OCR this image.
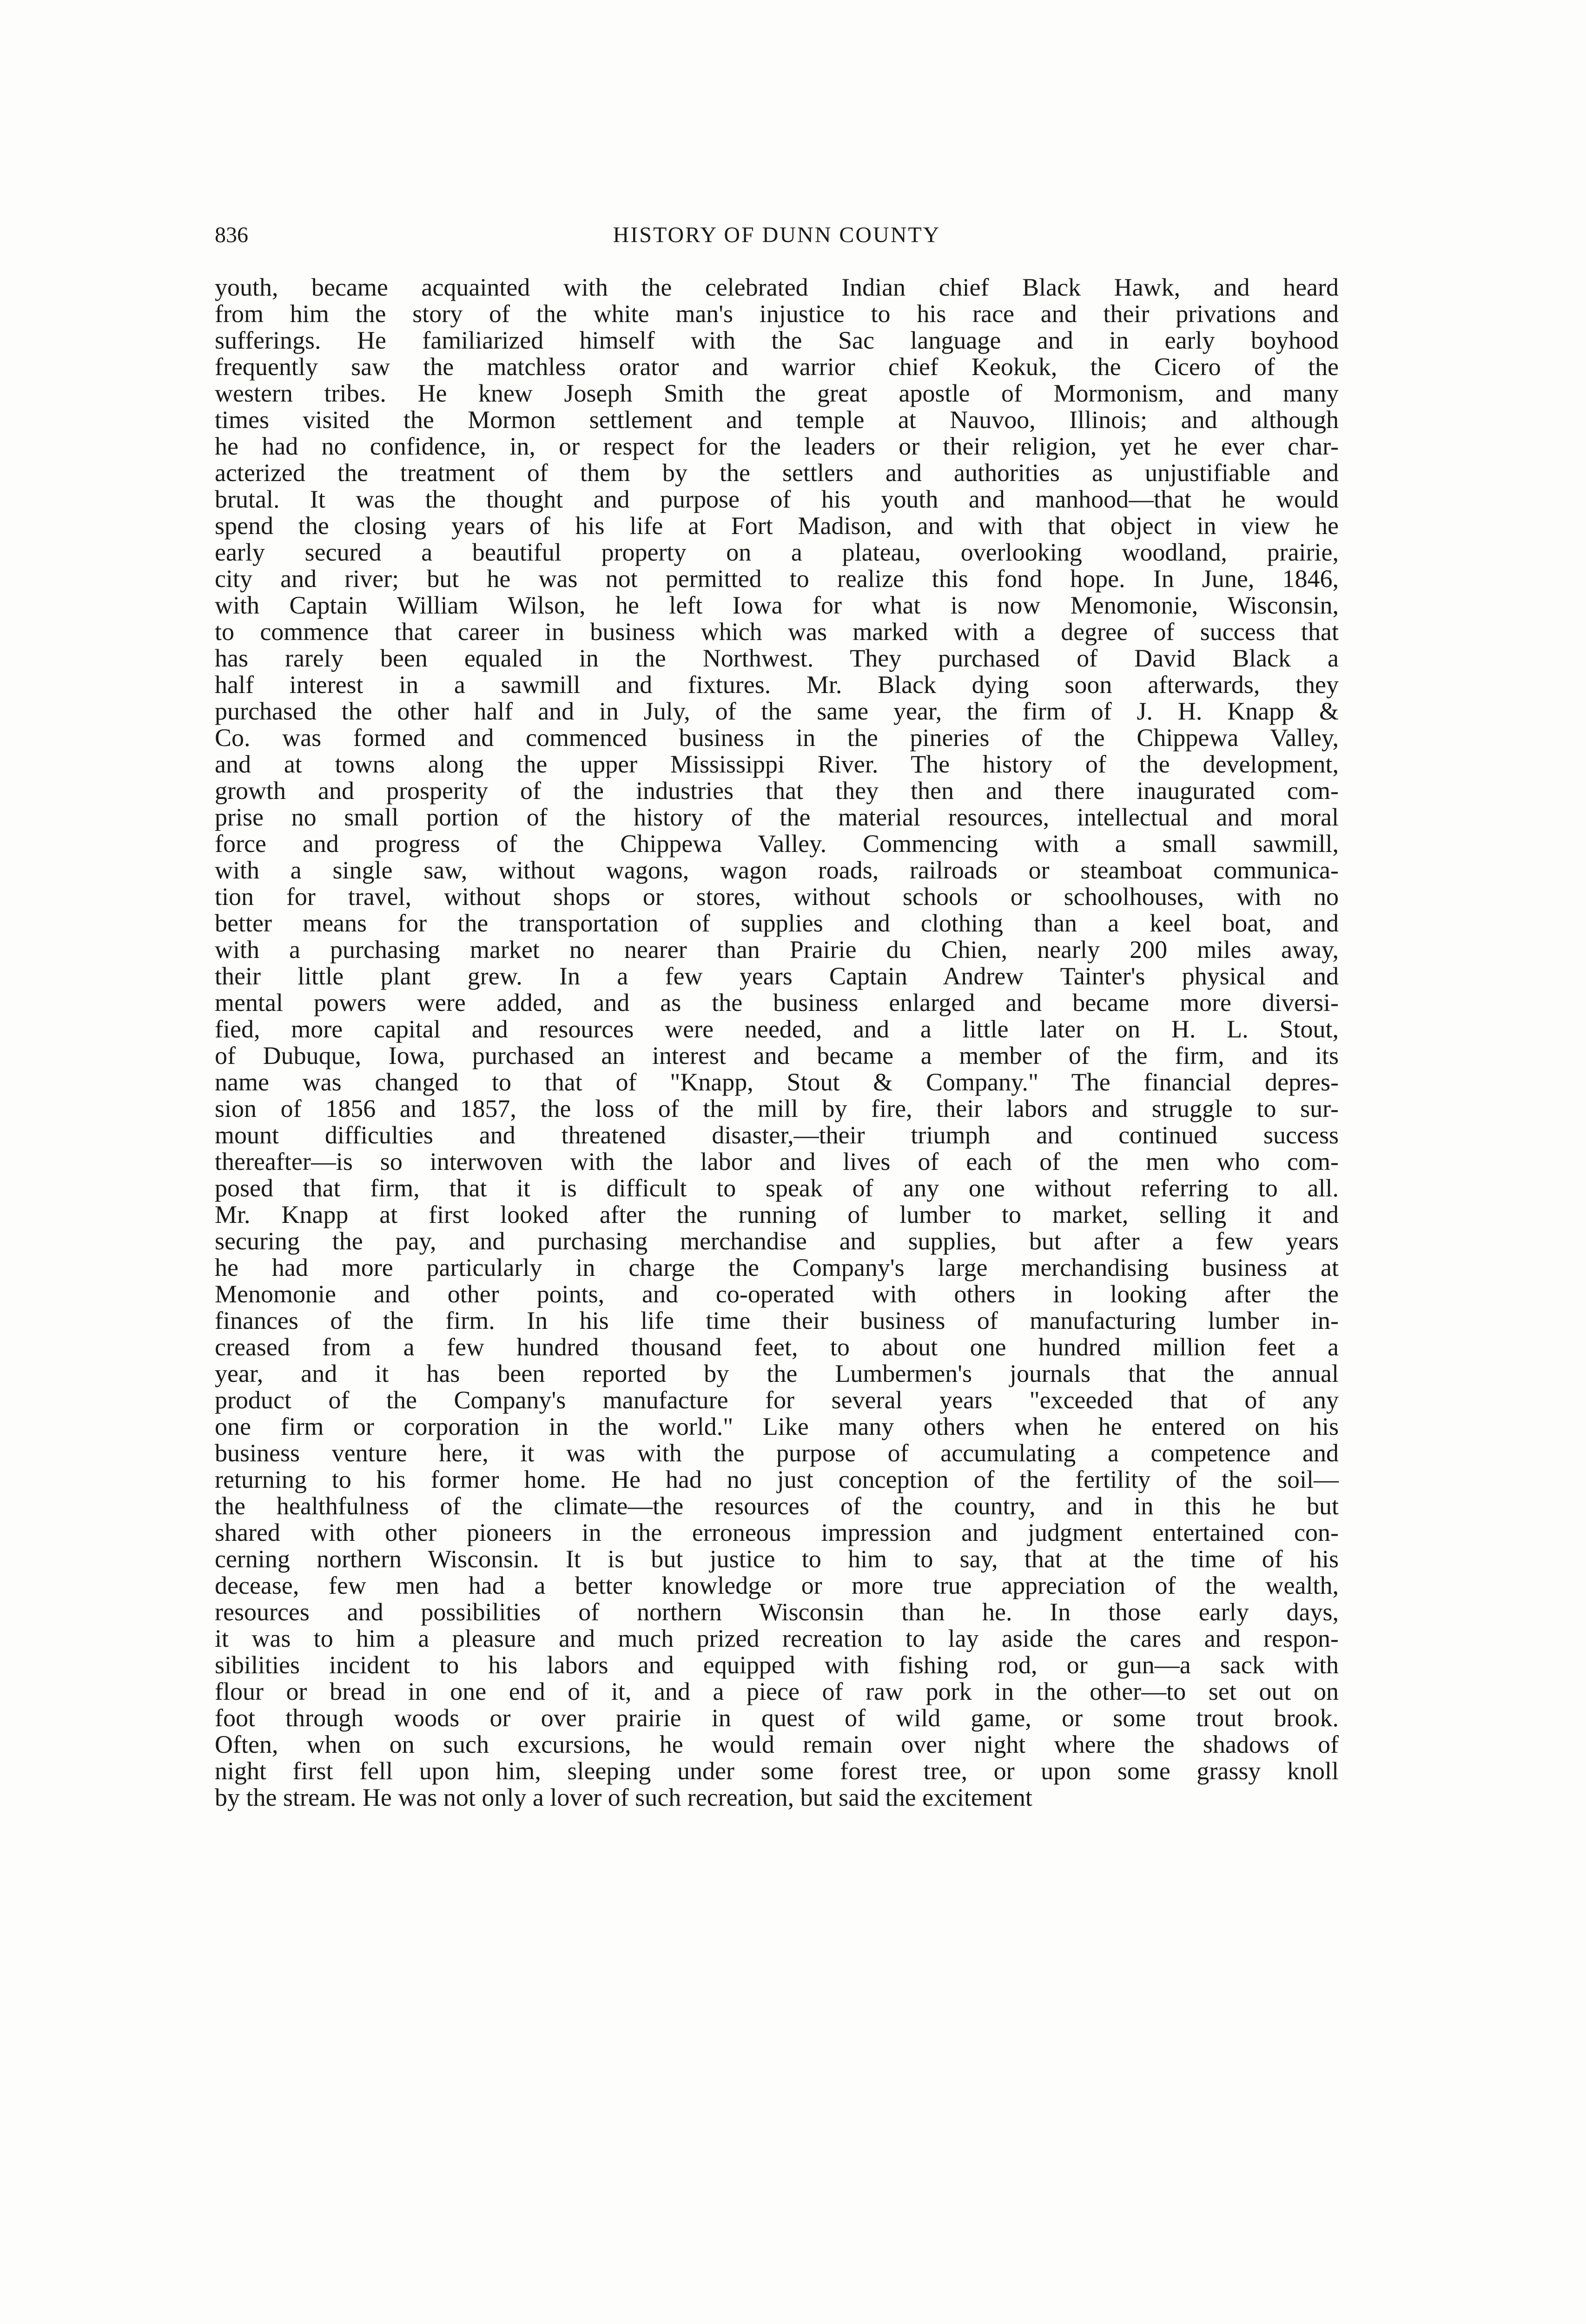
836	HISTORY OF DUNN COUNTY
youth, became acquainted with the celebrated Indian chief Black Hawk, and heard
from him the story of the white man's injustice to his race and their privations and
sufferings. He familiarized himself with the Sac language and in early boyhood
frequently saw the matchless orator and warrior chief Keokuk, the Cicero of the
western tribes. He knew Joseph Smith the great apostle of Mormonism, and many
times visited the Mormon settlement and temple at Nauvoo, Illinois; and although
he had no confidence, in, or respect for the leaders or their religion, yet he ever char-
acterized the treatment of them by the settlers and authorities as unjustifiable and
brutal. It was the thought and purpose of his youth and manhood—that he would
spend the closing years of his life at Fort Madison, and with that object in view he
early secured a beautiful property on a plateau, overlooking woodland, prairie,
city and river; but he was not permitted to realize this fond hope. In June, 1846,
with Captain William Wilson, he left Iowa for what is now Menomonie, Wisconsin,
to commence that career in business which was marked with a degree of success that
has rarely been equaled in the Northwest. They purchased of David Black a
half interest in a sawmill and fixtures. Mr. Black dying soon afterwards, they
purchased the other half and in July, of the same year, the firm of J. H. Knapp &
Co. was formed and commenced business in the pineries of the Chippewa Valley,
and at towns along the upper Mississippi River. The history of the development,
growth and prosperity of the industries that they then and there inaugurated com-
prise no small portion of the history of the material resources, intellectual and moral
force and progress of the Chippewa Valley. Commencing with a small sawmill,
with a single saw, without wagons, wagon roads, railroads or steamboat communica-
tion for travel, without shops or stores, without schools or schoolhouses, with no
better means for the transportation of supplies and clothing than a keel boat, and
with a purchasing market no nearer than Prairie du Chien, nearly 200 miles away,
their little plant grew. In a few years Captain Andrew Tainter's physical and
mental powers were added, and as the business enlarged and became more diversi-
fied, more capital and resources were needed, and a little later on H. L. Stout,
of Dubuque, Iowa, purchased an interest and became a member of the firm, and its
name was changed to that of "Knapp, Stout & Company." The financial depres-
sion of 1856 and 1857, the loss of the mill by fire, their labors and struggle to sur-
mount difficulties and threatened disaster,—their triumph and continued success
thereafter—is so interwoven with the labor and lives of each of the men who com-
posed that firm, that it is difficult to speak of any one without referring to all.
Mr. Knapp at first looked after the running of lumber to market, selling it and
securing the pay, and purchasing merchandise and supplies, but after a few years
he had more particularly in charge the Company's large merchandising business at
Menomonie and other points, and co-operated with others in looking after the
finances of the firm. In his life time their business of manufacturing lumber in-
creased from a few hundred thousand feet, to about one hundred million feet a
year, and it has been reported by the Lumbermen's journals that the annual
product of the Company's manufacture for several years "exceeded that of any
one firm or corporation in the world." Like many others when he entered on his
business venture here, it was with the purpose of accumulating a competence and
returning to his former home. He had no just conception of the fertility of the soil—
the healthfulness of the climate—the resources of the country, and in this he but
shared with other pioneers in the erroneous impression and judgment entertained con-
cerning northern Wisconsin. It is but justice to him to say, that at the time of his
decease, few men had a better knowledge or more true appreciation of the wealth,
resources and possibilities of northern Wisconsin than he. In those early days,
it was to him a pleasure and much prized recreation to lay aside the cares and respon-
sibilities incident to his labors and equipped with fishing rod, or gun—a sack with
flour or bread in one end of it, and a piece of raw pork in the other—to set out on
foot through woods or over prairie in quest of wild game, or some trout brook.
Often, when on such excursions, he would remain over night where the shadows of
night first fell upon him, sleeping under some forest tree, or upon some grassy knoll
by the stream. He was not only a lover of such recreation, but said the excitement
